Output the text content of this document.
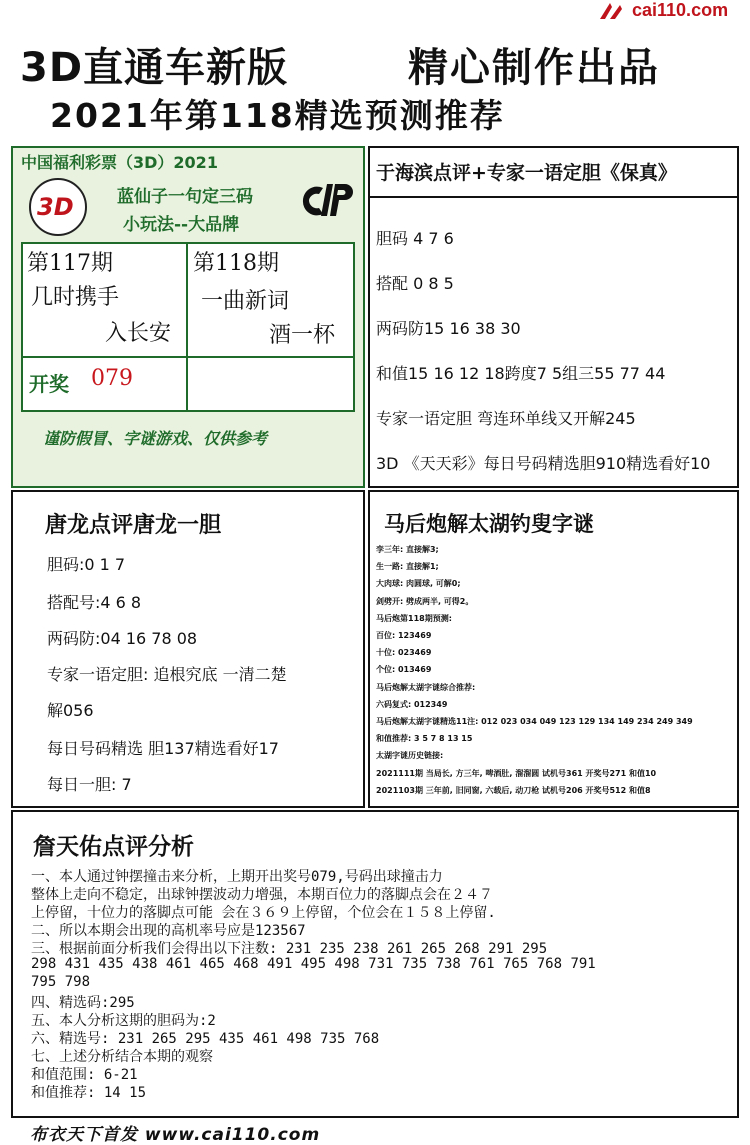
cai110.com
3D直通车新版	精心制作出品
2021年第118精选预测推荐
中国福利彩票（3D）2021
3D	蓝仙子一句定三码
小玩法--大品牌
第117期
几时携手
入长安
第118期
一曲新词
酒一杯
开奖 079
谨防假冒、字谜游戏、仅供参考
于海滨点评+专家一语定胆《保真》
胆码 4 7 6
搭配 0 8 5
两码防15 16 38 30
和值15 16 12 18跨度7 5组三55 77 44
专家一语定胆 弯连环单线又开解245
3D 《天天彩》每日号码精选胆910精选看好10
唐龙点评唐龙一胆
胆码:0 1 7
搭配号:4 6 8
两码防:04 16 78 08
专家一语定胆: 追根究底 一清二楚
解056
每日号码精选 胆137精选看好17
每日一胆: 7
马后炮解太湖钓叟字谜
孪三年: 直接解3;
生一路: 直接解1;
大肉球: 肉圆球, 可解0;
剑劈开: 劈成两半, 可得2。
马后炮第118期预测:
百位: 123469
十位: 023469
个位: 013469
马后炮解太湖字谜综合推荐:
六码复式: 012349
马后炮解太湖字谜精选11注: 012 023 034 049 123 129 134 149 234 249 349
和值推荐: 3 5 7 8 13 15
太湖字谜历史链接:
2021111期 当局长, 方三年, 啤酒肚, 溜溜圆 试机号361 开奖号271 和值10
2021103期 三年前, 旧同窗, 六载后, 动刀枪 试机号206 开奖号512 和值8
詹天佑点评分析
一、本人通过钟摆撞击来分析，上期开出奖号079,号码出球撞击力
整体上走向不稳定，出球钟摆波动力增强，本期百位力的落脚点会在２４７
上停留，十位力的落脚点可能 会在３６９上停留，个位会在１５８上停留.
二、所以本期会出现的高机率号应是123567
三、根据前面分析我们会得出以下注数: 231 235 238 261 265 268 291 295
298 431 435 438 461 465 468 491 495 498 731 735 738 761 765 768 791
795 798
四、精选码:295
五、本人分析这期的胆码为:2
六、精选号: 231 265 295 435 461 498 735 768
七、上述分析结合本期的观察
和值范围: 6-21
和值推荐: 14 15
布衣天下首发 www.cai110.com
